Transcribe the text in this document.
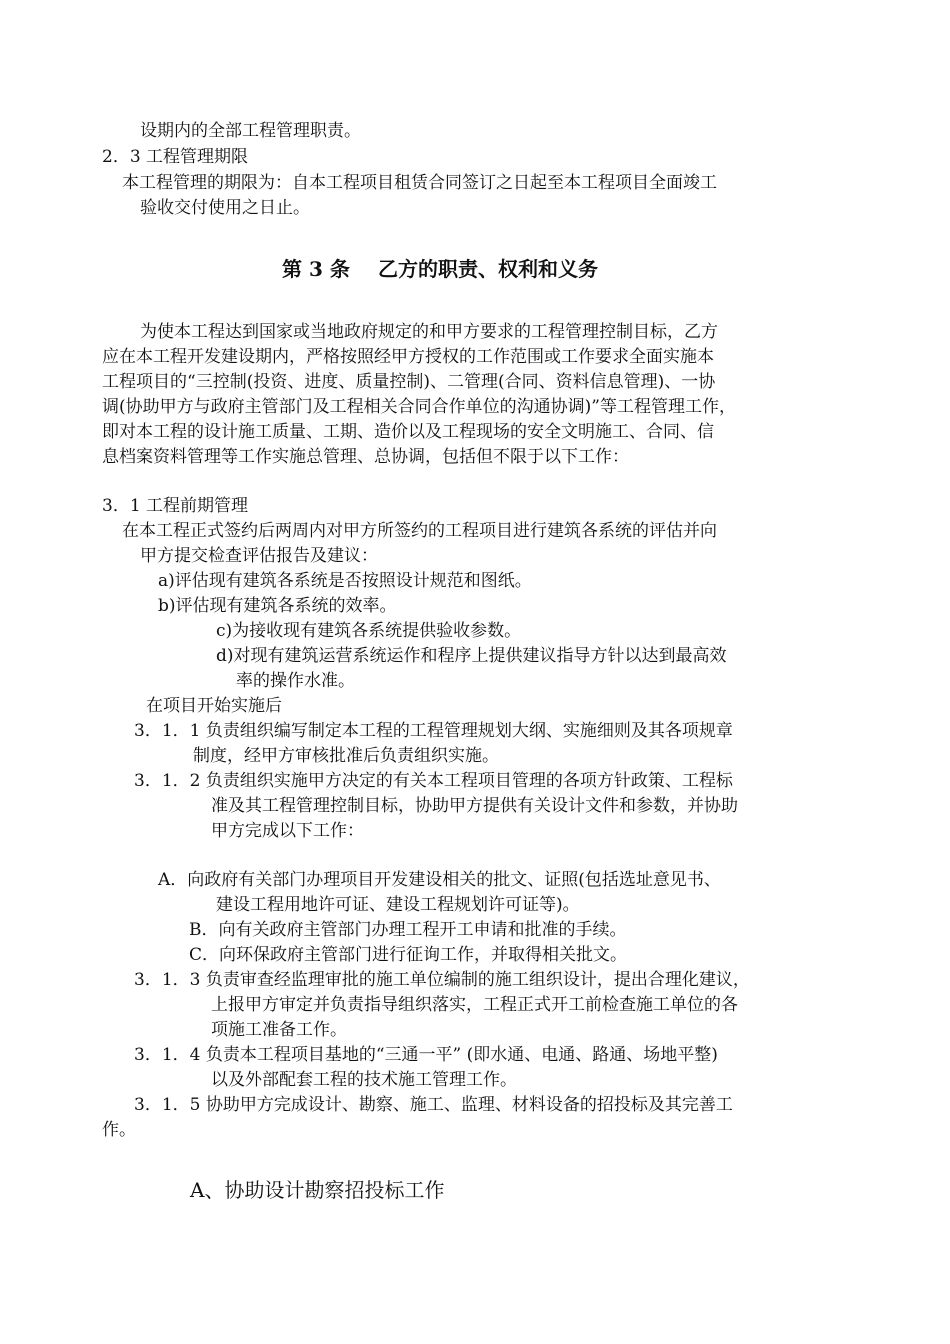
设期内的全部工程管理职责。
2．3 工程管理期限
本工程管理的期限为：自本工程项目租赁合同签订之日起至本工程项目全面竣工
验收交付使用之日止。
第 3 条 乙方的职责、权利和义务
为使本工程达到国家或当地政府规定的和甲方要求的工程管理控制目标，乙方
应在本工程开发建设期内，严格按照经甲方授权的工作范围或工作要求全面实施本
工程项目的“三控制(投资、进度、质量控制)、二管理(合同、资料信息管理)、一协
调(协助甲方与政府主管部门及工程相关合同合作单位的沟通协调)”等工程管理工作，
即对本工程的设计施工质量、工期、造价以及工程现场的安全文明施工、合同、信
息档案资料管理等工作实施总管理、总协调，包括但不限于以下工作：
3．1 工程前期管理
在本工程正式签约后两周内对甲方所签约的工程项目进行建筑各系统的评估并向
甲方提交检查评估报告及建议：
a)评估现有建筑各系统是否按照设计规范和图纸。
b)评估现有建筑各系统的效率。
c)为接收现有建筑各系统提供验收参数。
d)对现有建筑运营系统运作和程序上提供建议指导方针以达到最高效
率的操作水准。
在项目开始实施后
3．1．1 负责组织编写制定本工程的工程管理规划大纲、实施细则及其各项规章
制度，经甲方审核批准后负责组织实施。
3．1．2 负责组织实施甲方决定的有关本工程项目管理的各项方针政策、工程标
准及其工程管理控制目标，协助甲方提供有关设计文件和参数，并协助
甲方完成以下工作：
A．向政府有关部门办理项目开发建设相关的批文、证照(包括选址意见书、
建设工程用地许可证、建设工程规划许可证等)。
B．向有关政府主管部门办理工程开工申请和批准的手续。
C．向环保政府主管部门进行征询工作，并取得相关批文。
3．1．3 负责审查经监理审批的施工单位编制的施工组织设计，提出合理化建议，
上报甲方审定并负责指导组织落实，工程正式开工前检查施工单位的各
项施工准备工作。
3．1．4 负责本工程项目基地的“三通一平” (即水通、电通、路通、场地平整)
以及外部配套工程的技术施工管理工作。
3．1．5 协助甲方完成设计、勘察、施工、监理、材料设备的招投标及其完善工
作。
A、协助设计勘察招投标工作
